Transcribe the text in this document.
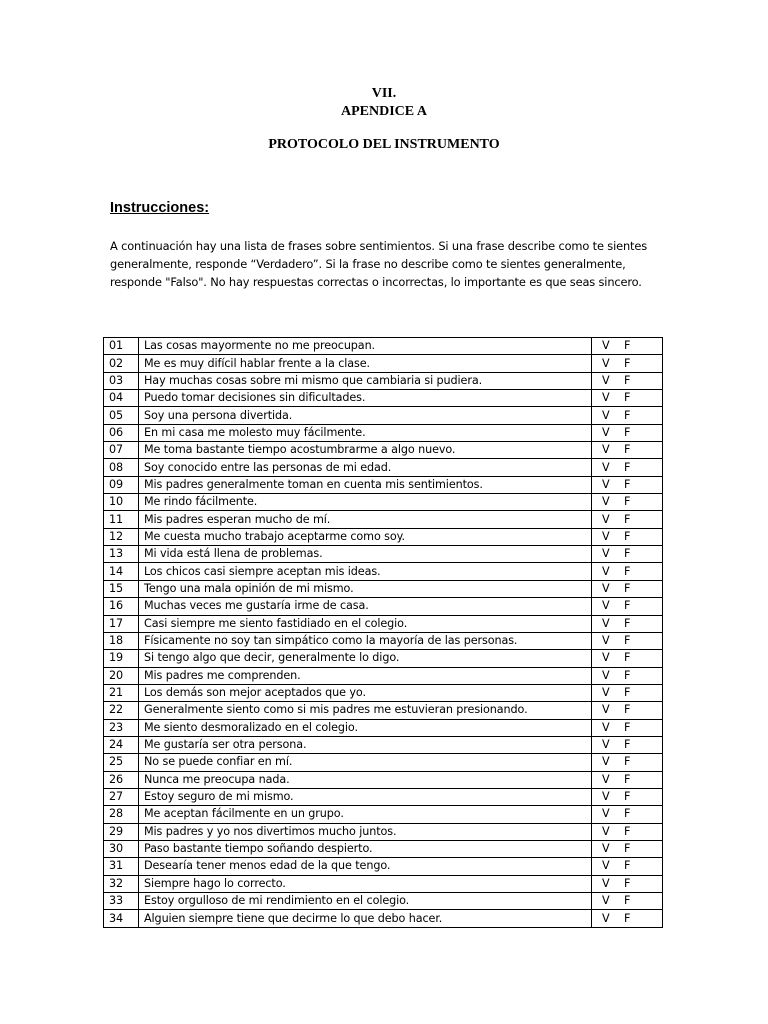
VII.

APENDICE A

PROTOCOLO DEL INSTRUMENTO

Instrucciones:

A continuación hay una lista de frases sobre sentimientos. Si una frase describe como te sientes generalmente, responde “Verdadero”. Si la frase no describe como te sientes generalmente, responde "Falso". No hay respuestas correctas o incorrectas, lo importante es que seas sincero.

01	Las cosas mayormente no me preocupan.	V F
02	Me es muy difícil hablar frente a la clase.	V F
03	Hay muchas cosas sobre mi mismo que cambiaria si pudiera.	V F
04	Puedo tomar decisiones sin dificultades.	V F
05	Soy una persona divertida.	V F
06	En mi casa me molesto muy fácilmente.	V F
07	Me toma bastante tiempo acostumbrarme a algo nuevo.	V F
08	Soy conocido entre las personas de mi edad.	V F
09	Mis padres generalmente toman en cuenta mis sentimientos.	V F
10	Me rindo fácilmente.	V F
11	Mis padres esperan mucho de mí.	V F
12	Me cuesta mucho trabajo aceptarme como soy.	V F
13	Mi vida está llena de problemas.	V F
14	Los chicos casi siempre aceptan mis ideas.	V F
15	Tengo una mala opinión de mi mismo.	V F
16	Muchas veces me gustaría irme de casa.	V F
17	Casi siempre me siento fastidiado en el colegio.	V F
18	Físicamente no soy tan simpático como la mayoría de las personas.	V F
19	Si tengo algo que decir, generalmente lo digo.	V F
20	Mis padres me comprenden.	V F
21	Los demás son mejor aceptados que yo.	V F
22	Generalmente siento como si mis padres me estuvieran presionando.	V F
23	Me siento desmoralizado en el colegio.	V F
24	Me gustaría ser otra persona.	V F
25	No se puede confiar en mí.	V F
26	Nunca me preocupa nada.	V F
27	Estoy seguro de mi mismo.	V F
28	Me aceptan fácilmente en un grupo.	V F
29	Mis padres y yo nos divertimos mucho juntos.	V F
30	Paso bastante tiempo soñando despierto.	V F
31	Desearía tener menos edad de la que tengo.	V F
32	Siempre hago lo correcto.	V F
33	Estoy orgulloso de mi rendimiento en el colegio.	V F
34	Alguien siempre tiene que decirme lo que debo hacer.	V F
